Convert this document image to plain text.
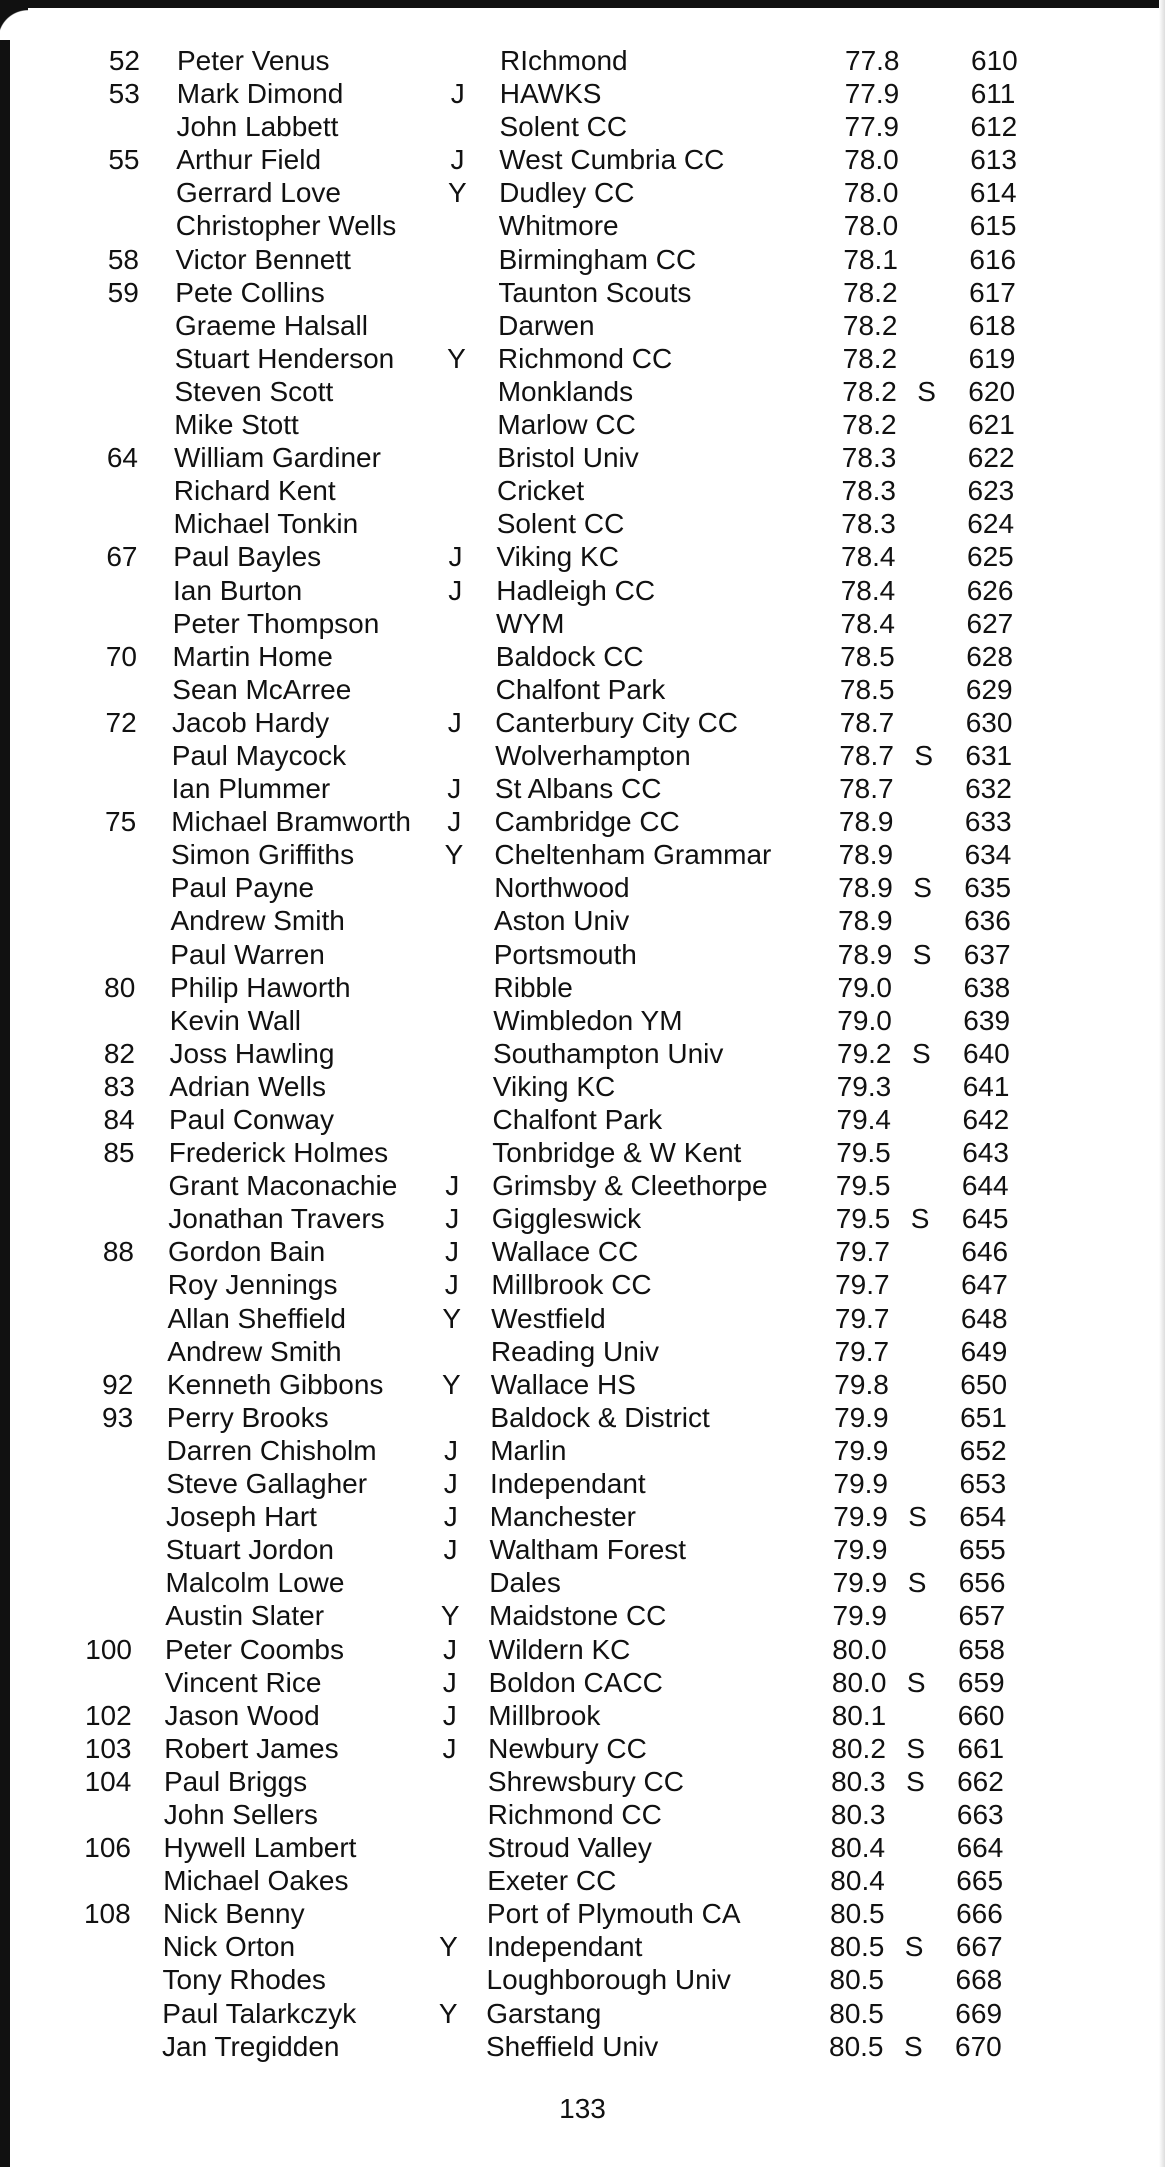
52 Peter Venus	RIchmond	77.8	610
53 Mark Dimond	J HAWKS	77.9	611
John Labbett	Solent CC	77.9	612
55 Arthur Field	J West Cumbria CC	78.0	613
Gerrard Love	Y Dudley CC	78.0	614
Christopher Wells	Whitmore	78.0	615
58 Victor Bennett	Birmingham CC	78.1	616
59 Pete Collins	Taunton Scouts	78.2	617
Graeme Halsall	Darwen	78.2	618
Stuart Henderson Y Richmond CC	78.2	619
Steven Scott	Monklands	78.2 S 620
Mike Stott	Marlow CC	78.2	621
64 William Gardiner	Bristol Univ	78.3	622
Richard Kent	Cricket	78.3	623
Michael Tonkin	Solent CC	78.3	624
67 Paul Bayles	J Viking KC	78.4	625
Ian Burton	J Hadleigh CC	78.4	626
Peter Thompson	WYM	78.4	627
70 Martin Home	Baldock CC	78.5	628
Sean McArree	Chalfont Park	78.5	629
72 Jacob Hardy	J Canterbury City CC	78.7	630
Paul Maycock	Wolverhampton	78.7 S 631
Ian Plummer	J St Albans CC	78.7	632
75 Michael Bramworth J Cambridge CC	78.9	633
Simon Griffiths	Y Cheltenham Grammar 78.9	634
Paul Payne	Northwood	78.9 S 635
Andrew Smith	Aston Univ	78.9	636
Paul Warren	Portsmouth	78.9 S 637
80 Philip Haworth	Ribble	79.0	638
Kevin Wall	Wimbledon YM	79.0	639
82 Joss Hawling	Southampton Univ	79.2 S 640
83 Adrian Wells	Viking KC	79.3	641
84 Paul Conway	Chalfont Park	79.4	642
85 Frederick Holmes	Tonbridge & W Kent	79.5	643
Grant Maconachie J Grimsby & Cleethorpe 79.5	644
Jonathan Travers J Giggleswick	79.5 S 645
88 Gordon Bain	J Wallace CC	79.7	646
Roy Jennings	J Millbrook CC	79.7	647
Allan Sheffield	Y Westfield	79.7	648
Andrew Smith	Reading Univ	79.7	649
92 Kenneth Gibbons Y Wallace HS	79.8	650
93 Perry Brooks	Baldock & District	79.9	651
Darren Chisholm J Marlin	79.9	652
Steve Gallagher	J Independant	79.9	653
Joseph Hart	J Manchester	79.9 S 654
Stuart Jordon	J Waltham Forest	79.9	655
Malcolm Lowe	Dales	79.9 S 656
Austin Slater	Y Maidstone CC	79.9	657
100 Peter Coombs	J Wildern KC	80.0	658
Vincent Rice	J Boldon CACC	80.0 S 659
102 Jason Wood	J Millbrook	80.1	660
103 Robert James	J Newbury CC	80.2 S 661
104 Paul Briggs	Shrewsbury CC	80.3 S 662
John Sellers	Richmond CC	80.3	663
106 Hywell Lambert	Stroud Valley	80.4	664
Michael Oakes	Exeter CC	80.4	665
108 Nick Benny	Port of Plymouth CA	80.5	666
Nick Orton	Y Independant	80.5 S 667
Tony Rhodes	Loughborough Univ	80.5	668
Paul Talarkczyk	Y Garstang	80.5	669
Jan Tregidden	Sheffield Univ	80.5 S 670
133
